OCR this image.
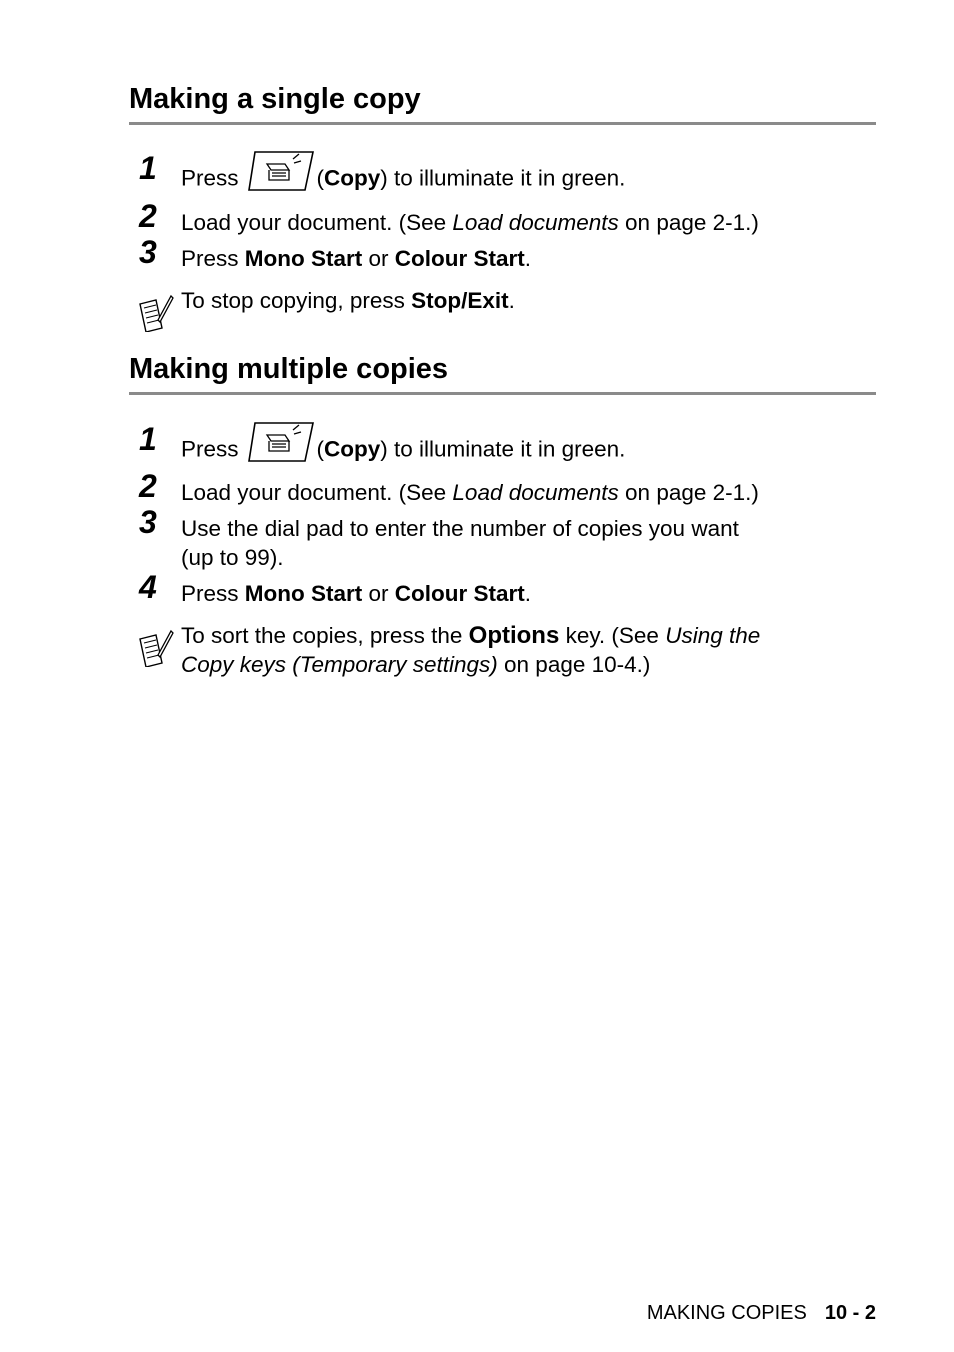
Making a single copy
1 Press	(Copy) to illuminate it in green.
2 Load your document. (See Load documents on page 2-1.)
3 Press Mono Start or Colour Start.
To stop copying, press Stop/Exit.
Making multiple copies
1 Press	(Copy) to illuminate it in green.
2 Load your document. (See Load documents on page 2-1.)
3 Use the dial pad to enter the number of copies you want
(up to 99).
4 Press Mono Start or Colour Start.
To sort the copies, press the Options key. (See Using the
Copy keys (Temporary settings) on page 10-4.)
MAKING COPIES 10 - 2
